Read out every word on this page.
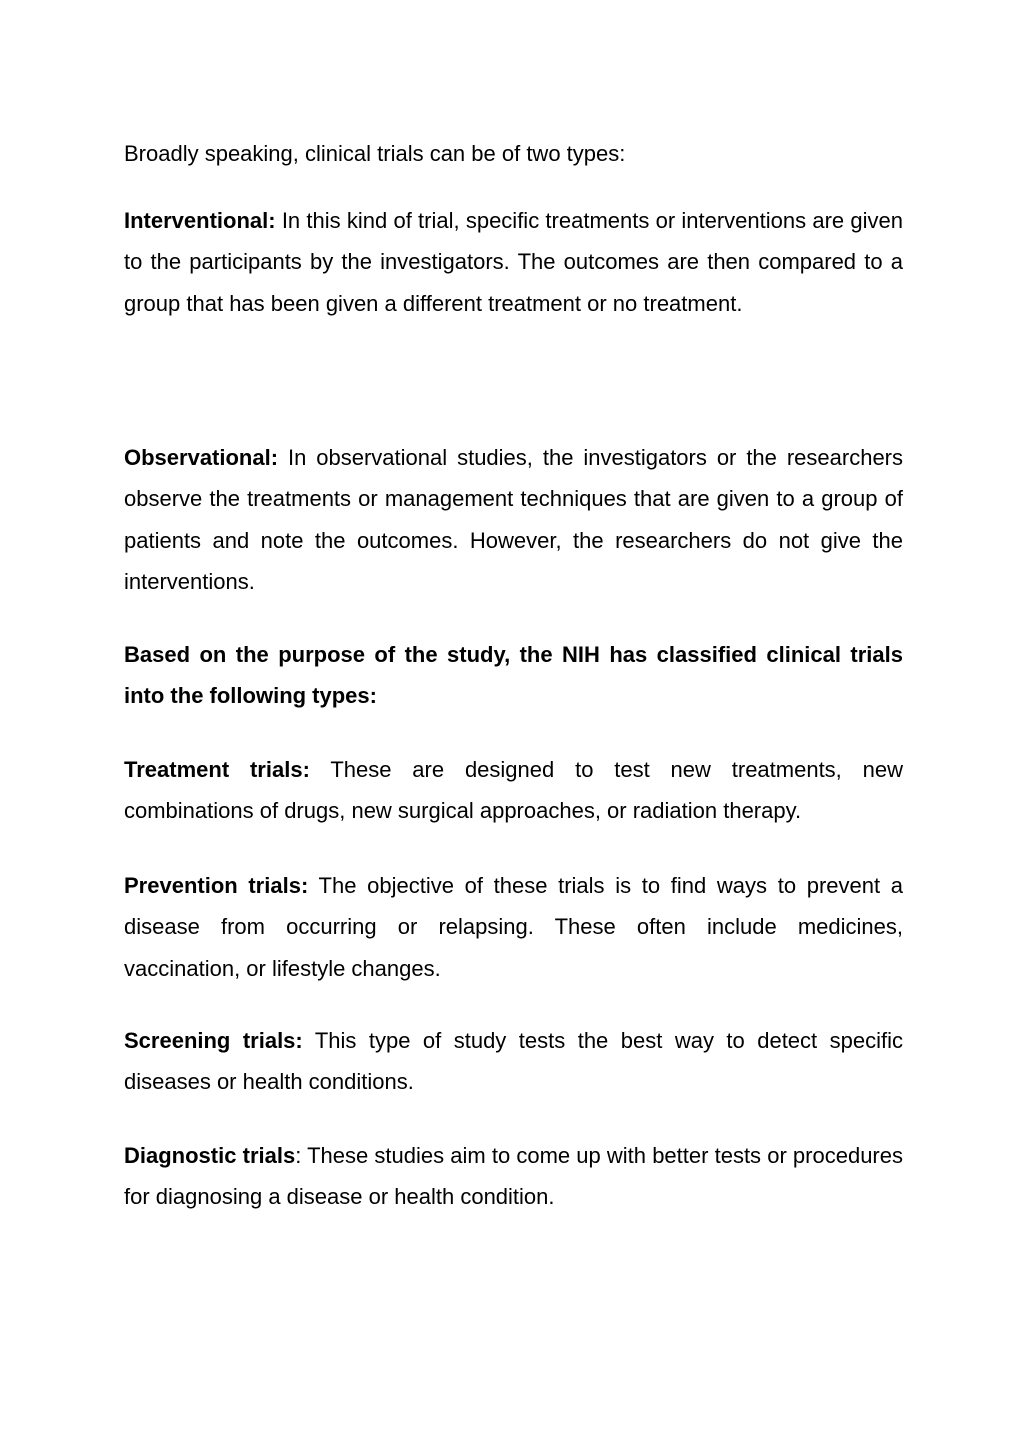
Broadly speaking, clinical trials can be of two types:

Interventional: In this kind of trial, specific treatments or interventions are given to the participants by the investigators. The outcomes are then compared to a group that has been given a different treatment or no treatment.

Observational: In observational studies, the investigators or the researchers observe the treatments or management techniques that are given to a group of patients and note the outcomes. However, the researchers do not give the interventions.

Based on the purpose of the study, the NIH has classified clinical trials into the following types:

Treatment trials: These are designed to test new treatments, new combinations of drugs, new surgical approaches, or radiation therapy.

Prevention trials: The objective of these trials is to find ways to prevent a disease from occurring or relapsing. These often include medicines, vaccination, or lifestyle changes.

Screening trials: This type of study tests the best way to detect specific diseases or health conditions.

Diagnostic trials: These studies aim to come up with better tests or procedures for diagnosing a disease or health condition.
